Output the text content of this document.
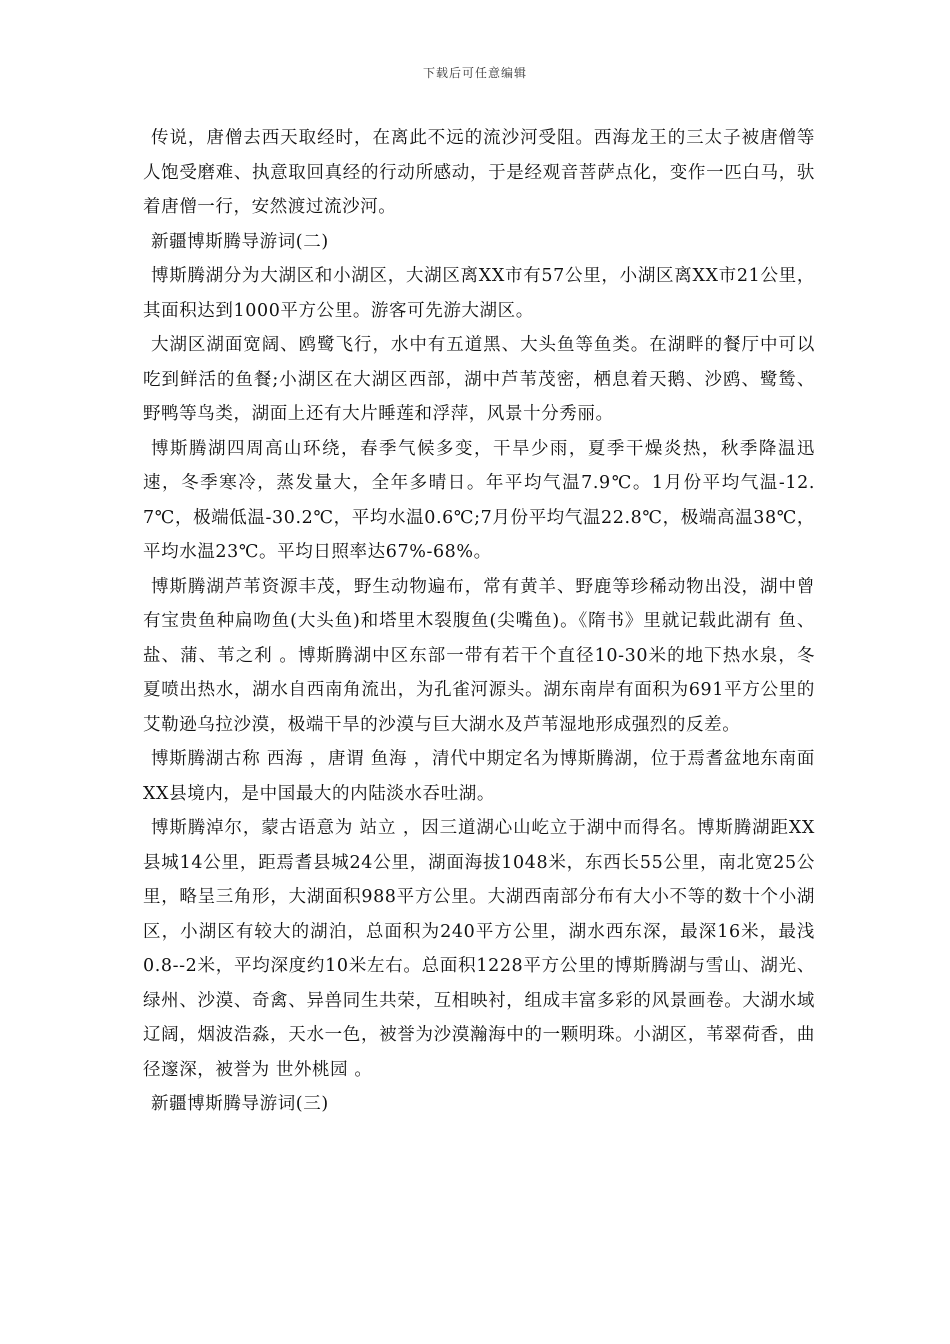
下载后可任意编辑

传说，唐僧去西天取经时，在离此不远的流沙河受阻。西海龙王的三太子被唐僧等人饱受磨难、执意取回真经的行动所感动，于是经观音菩萨点化，变作一匹白马，驮着唐僧一行，安然渡过流沙河。

新疆博斯腾导游词(二)

博斯腾湖分为大湖区和小湖区，大湖区离XX市有57公里，小湖区离XX市21公里，其面积达到1000平方公里。游客可先游大湖区。

大湖区湖面宽阔、鸥鹭飞行，水中有五道黑、大头鱼等鱼类。在湖畔的餐厅中可以吃到鲜活的鱼餐;小湖区在大湖区西部，湖中芦苇茂密，栖息着天鹅、沙鸥、鹭鸶、野鸭等鸟类，湖面上还有大片睡莲和浮萍，风景十分秀丽。

博斯腾湖四周高山环绕，春季气候多变，干旱少雨，夏季干燥炎热，秋季降温迅速，冬季寒冷，蒸发量大，全年多晴日。年平均气温7.9℃。1月份平均气温-12.7℃，极端低温-30.2℃，平均水温0.6℃;7月份平均气温22.8℃，极端高温38℃，平均水温23℃。平均日照率达67%-68%。

博斯腾湖芦苇资源丰茂，野生动物遍布，常有黄羊、野鹿等珍稀动物出没，湖中曾有宝贵鱼种扁吻鱼(大头鱼)和塔里木裂腹鱼(尖嘴鱼)。《隋书》里就记载此湖有 鱼、盐、蒲、苇之利 。博斯腾湖中区东部一带有若干个直径10-30米的地下热水泉，冬夏喷出热水，湖水自西南角流出，为孔雀河源头。湖东南岸有面积为691平方公里的艾勒逊乌拉沙漠，极端干旱的沙漠与巨大湖水及芦苇湿地形成强烈的反差。

博斯腾湖古称 西海 ，唐谓 鱼海 ，清代中期定名为博斯腾湖，位于焉耆盆地东南面XX县境内，是中国最大的内陆淡水吞吐湖。

博斯腾淖尔，蒙古语意为 站立 ，因三道湖心山屹立于湖中而得名。博斯腾湖距XX县城14公里，距焉耆县城24公里，湖面海拔1048米，东西长55公里，南北宽25公里，略呈三角形，大湖面积988平方公里。大湖西南部分布有大小不等的数十个小湖区，小湖区有较大的湖泊，总面积为240平方公里，湖水西东深，最深16米，最浅0.8--2米，平均深度约10米左右。总面积1228平方公里的博斯腾湖与雪山、湖光、绿州、沙漠、奇禽、异兽同生共荣，互相映衬，组成丰富多彩的风景画卷。大湖水域辽阔，烟波浩淼，天水一色，被誉为沙漠瀚海中的一颗明珠。小湖区，苇翠荷香，曲径邃深，被誉为 世外桃园 。

新疆博斯腾导游词(三)
